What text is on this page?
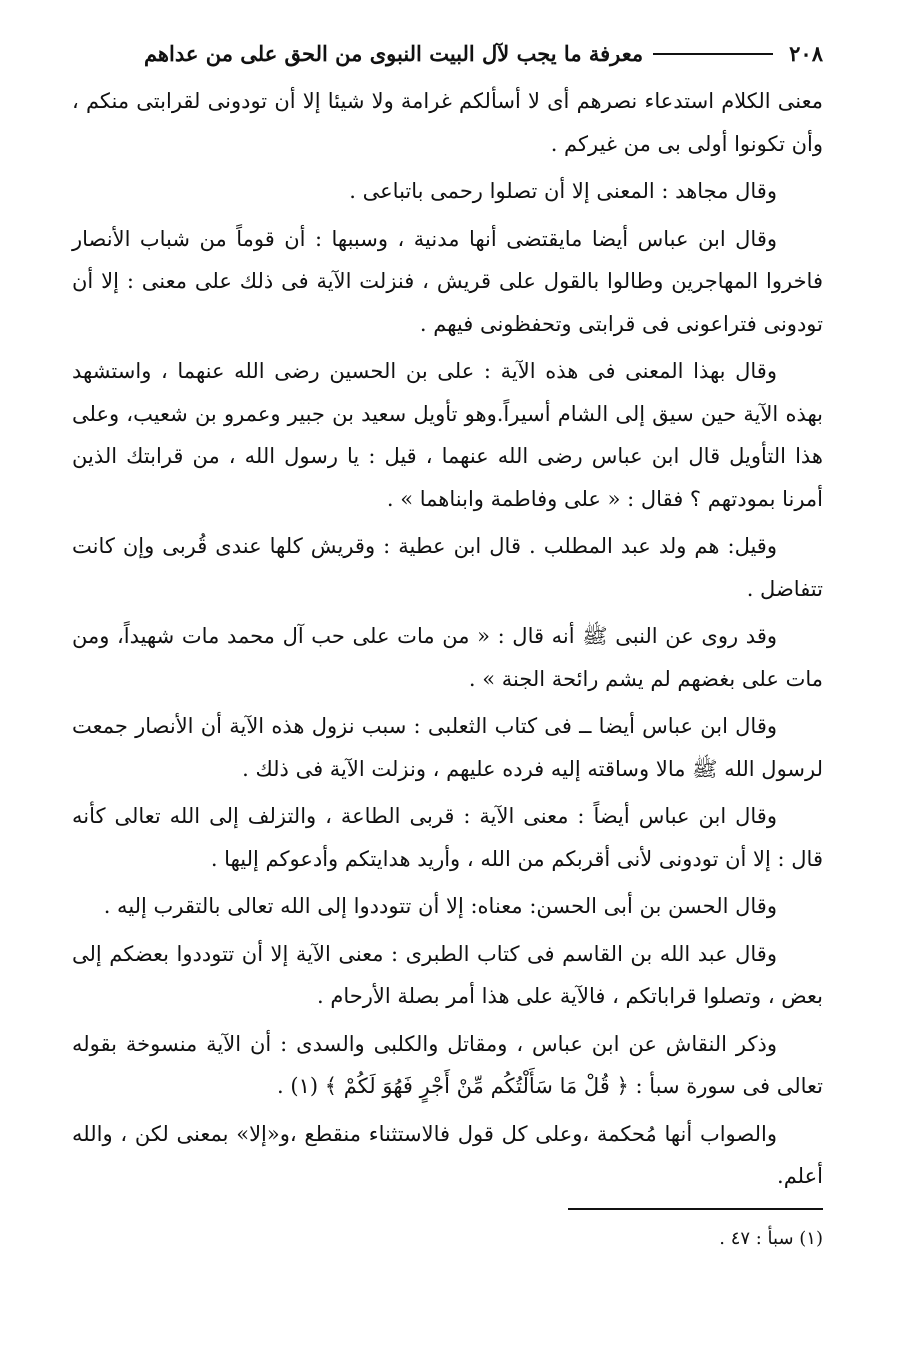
٢٠٨
معرفة ما يجب لآل البيت النبوى من الحق على من عداهم

معنى الكلام استدعاء نصرهم أى لا أسألكم غرامة ولا شيئا إلا أن تودونى لقرابتى منكم ، وأن تكونوا أولى بى من غيركم .

وقال مجاهد : المعنى إلا أن تصلوا رحمى باتباعى .

وقال ابن عباس أيضا مايقتضى أنها مدنية ، وسببها : أن قوماً من شباب الأنصار فاخروا المهاجرين وطالوا بالقول على قريش ، فنزلت الآية فى ذلك على معنى : إلا أن تودونى فتراعونى فى قرابتى وتحفظونى فيهم .

وقال بهذا المعنى فى هذه الآية : على بن الحسين رضى الله عنهما ، واستشهد بهذه الآية حين سيق إلى الشام أسيراً.وهو تأويل سعيد بن جبير وعمرو بن شعيب، وعلى هذا التأويل قال ابن عباس رضى الله عنهما ، قيل : يا رسول الله ، من قرابتك الذين أمرنا بمودتهم ؟ فقال : « على وفاطمة وابناهما » .

وقيل: هم ولد عبد المطلب . قال ابن عطية : وقريش كلها عندى قُربى وإن كانت تتفاضل .

وقد روى عن النبى ﷺ أنه قال : « من مات على حب آل محمد مات شهيداً، ومن مات على بغضهم لم يشم رائحة الجنة » .

وقال ابن عباس أيضا ــ فى كتاب الثعلبى : سبب نزول هذه الآية أن الأنصار جمعت لرسول الله ﷺ مالا وساقته إليه فرده عليهم ، ونزلت الآية فى ذلك .

وقال ابن عباس أيضاً : معنى الآية : قربى الطاعة ، والتزلف إلى الله تعالى كأنه قال : إلا أن تودونى لأنى أقربكم من الله ، وأريد هدايتكم وأدعوكم إليها .

وقال الحسن بن أبى الحسن: معناه: إلا أن تتوددوا إلى الله تعالى بالتقرب إليه .

وقال عبد الله بن القاسم فى كتاب الطبرى : معنى الآية إلا أن تتوددوا بعضكم إلى بعض ، وتصلوا قراباتكم ، فالآية على هذا أمر بصلة الأرحام .

وذكر النقاش عن ابن عباس ، ومقاتل والكلبى والسدى : أن الآية منسوخة بقوله تعالى فى سورة سبأ : ﴿ قُلْ مَا سَأَلْتُكُم مِّنْ أَجْرٍ فَهُوَ لَكُمْ ﴾ (١) .

والصواب أنها مُحكمة ،وعلى كل قول فالاستثناء منقطع ،و«إلا» بمعنى لكن ، والله أعلم.

(١) سبأ : ٤٧ .
